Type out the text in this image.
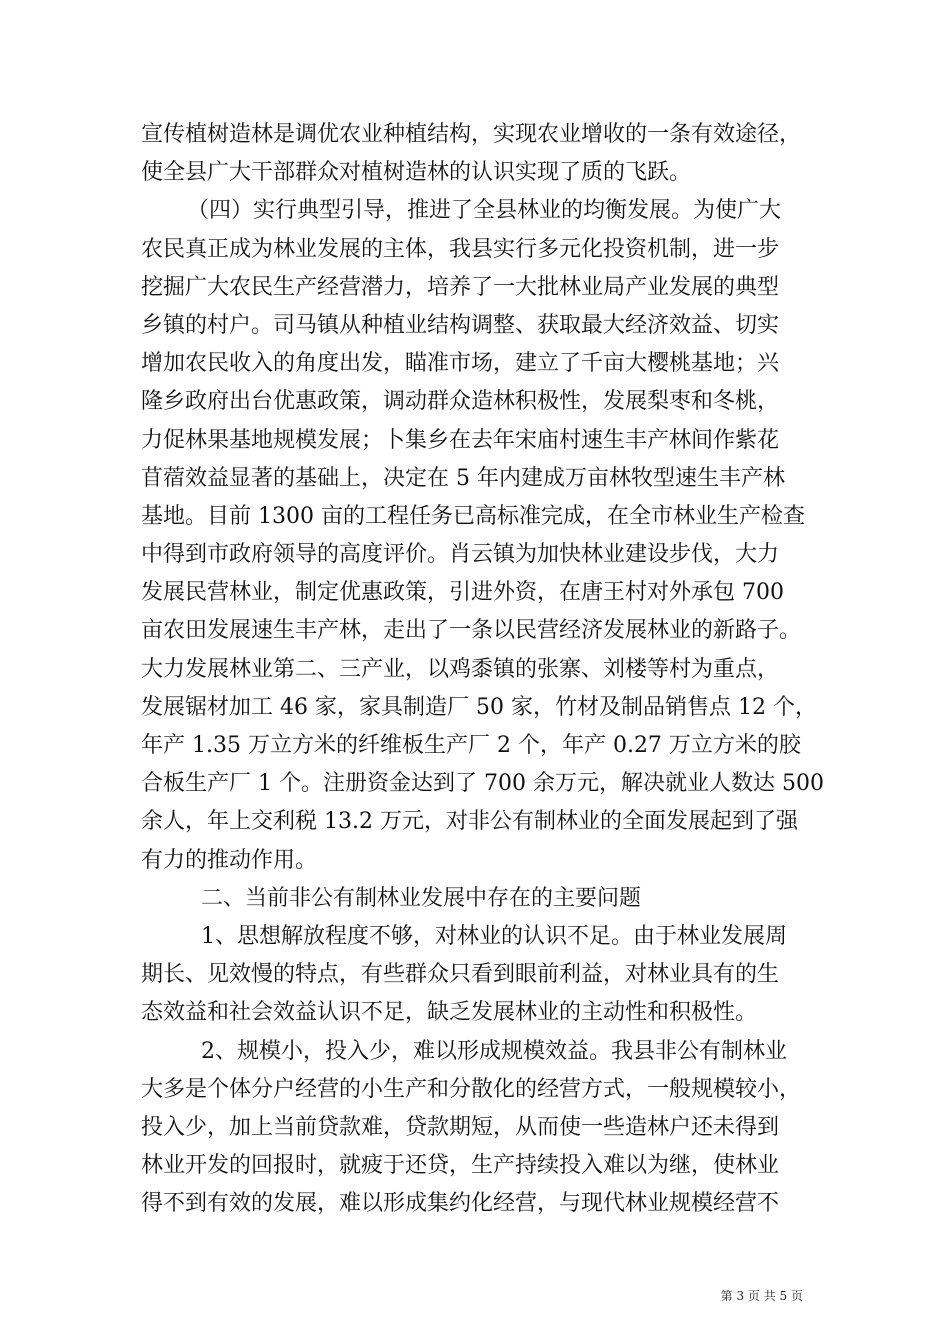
宣传植树造林是调优农业种植结构，实现农业增收的一条有效途径，
使全县广大干部群众对植树造林的认识实现了质的飞跃。
（四）实行典型引导，推进了全县林业的均衡发展。为使广大
农民真正成为林业发展的主体，我县实行多元化投资机制，进一步
挖掘广大农民生产经营潜力，培养了一大批林业局产业发展的典型
乡镇的村户。司马镇从种植业结构调整、获取最大经济效益、切实
增加农民收入的角度出发，瞄准市场，建立了千亩大樱桃基地；兴
隆乡政府出台优惠政策，调动群众造林积极性，发展梨枣和冬桃，
力促林果基地规模发展；卜集乡在去年宋庙村速生丰产林间作紫花
苜蓿效益显著的基础上，决定在 5 年内建成万亩林牧型速生丰产林
基地。目前 1300 亩的工程任务已高标准完成，在全市林业生产检查
中得到市政府领导的高度评价。肖云镇为加快林业建设步伐，大力
发展民营林业，制定优惠政策，引进外资，在唐王村对外承包 700
亩农田发展速生丰产林，走出了一条以民营经济发展林业的新路子。
大力发展林业第二、三产业，以鸡黍镇的张寨、刘楼等村为重点，
发展锯材加工 46 家，家具制造厂 50 家，竹材及制品销售点 12 个，
年产 1.35 万立方米的纤维板生产厂 2 个，年产 0.27 万立方米的胶
合板生产厂 1 个。注册资金达到了 700 余万元，解决就业人数达 500
余人，年上交利税 13.2 万元，对非公有制林业的全面发展起到了强
有力的推动作用。
二、当前非公有制林业发展中存在的主要问题
1、思想解放程度不够，对林业的认识不足。由于林业发展周
期长、见效慢的特点，有些群众只看到眼前利益，对林业具有的生
态效益和社会效益认识不足，缺乏发展林业的主动性和积极性。
2、规模小，投入少，难以形成规模效益。我县非公有制林业
大多是个体分户经营的小生产和分散化的经营方式，一般规模较小，
投入少，加上当前贷款难，贷款期短，从而使一些造林户还未得到
林业开发的回报时，就疲于还贷，生产持续投入难以为继，使林业
得不到有效的发展，难以形成集约化经营，与现代林业规模经营不
第 3 页 共 5 页
